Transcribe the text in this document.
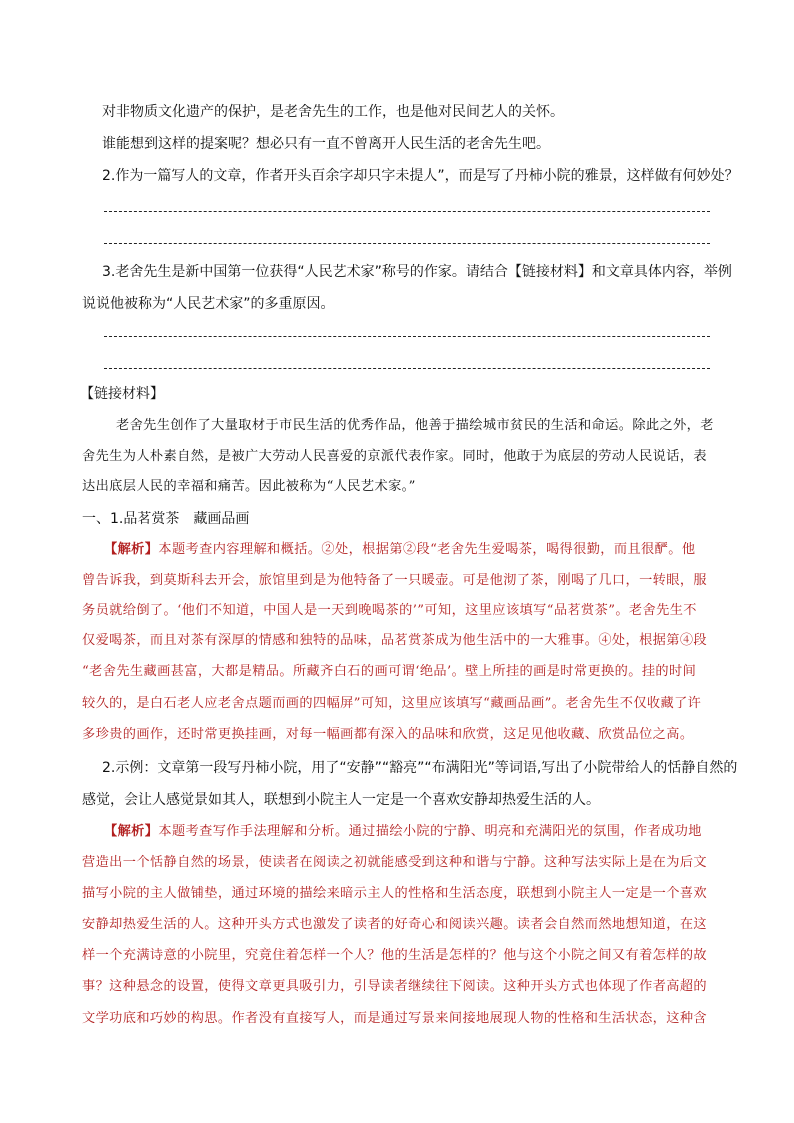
对非物质文化遗产的保护，是老舍先生的工作，也是他对民间艺人的关怀。
谁能想到这样的提案呢？想必只有一直不曾离开人民生活的老舍先生吧。
2.作为一篇写人的文章，作者开头百余字却只字未提人”，而是写了丹柿小院的雅景，这样做有何妙处？
3.老舍先生是新中国第一位获得“人民艺术家”称号的作家。请结合【链接材料】和文章具体内容，举例
说说他被称为“人民艺术家”的多重原因。
【链接材料】
老舍先生创作了大量取材于市民生活的优秀作品，他善于描绘城市贫民的生活和命运。除此之外，老
舍先生为人朴素自然，是被广大劳动人民喜爱的京派代表作家。同时，他敢于为底层的劳动人民说话，表
达出底层人民的幸福和痛苦。因此被称为“人民艺术家。”
一、1.品茗赏茶　藏画品画
【解析】本题考查内容理解和概括。②处，根据第②段“老舍先生爱喝茶，喝得很勤，而且很酽。他
曾告诉我，到莫斯科去开会，旅馆里到是为他特备了一只暖壶。可是他沏了茶，刚喝了几口，一转眼，服
务员就给倒了。‘他们不知道，中国人是一天到晚喝茶的’”可知，这里应该填写“品茗赏茶”。老舍先生不
仅爱喝茶，而且对茶有深厚的情感和独特的品味，品茗赏茶成为他生活中的一大雅事。④处，根据第④段
“老舍先生藏画甚富，大都是精品。所藏齐白石的画可谓‘绝品’。壁上所挂的画是时常更换的。挂的时间
较久的，是白石老人应老舍点题而画的四幅屏”可知，这里应该填写“藏画品画”。老舍先生不仅收藏了许
多珍贵的画作，还时常更换挂画，对每一幅画都有深入的品味和欣赏，这足见他收藏、欣赏品位之高。
2.示例：文章第一段写丹柿小院，用了“安静”“豁亮”“布满阳光”等词语,写出了小院带给人的恬静自然的
感觉，会让人感觉景如其人，联想到小院主人一定是一个喜欢安静却热爱生活的人。
【解析】本题考查写作手法理解和分析。通过描绘小院的宁静、明亮和充满阳光的氛围，作者成功地
营造出一个恬静自然的场景，使读者在阅读之初就能感受到这种和谐与宁静。这种写法实际上是在为后文
描写小院的主人做铺垫，通过环境的描绘来暗示主人的性格和生活态度，联想到小院主人一定是一个喜欢
安静却热爱生活的人。这种开头方式也激发了读者的好奇心和阅读兴趣。读者会自然而然地想知道，在这
样一个充满诗意的小院里，究竟住着怎样一个人？他的生活是怎样的？他与这个小院之间又有着怎样的故
事？这种悬念的设置，使得文章更具吸引力，引导读者继续往下阅读。这种开头方式也体现了作者高超的
文学功底和巧妙的构思。作者没有直接写人，而是通过写景来间接地展现人物的性格和生活状态，这种含
